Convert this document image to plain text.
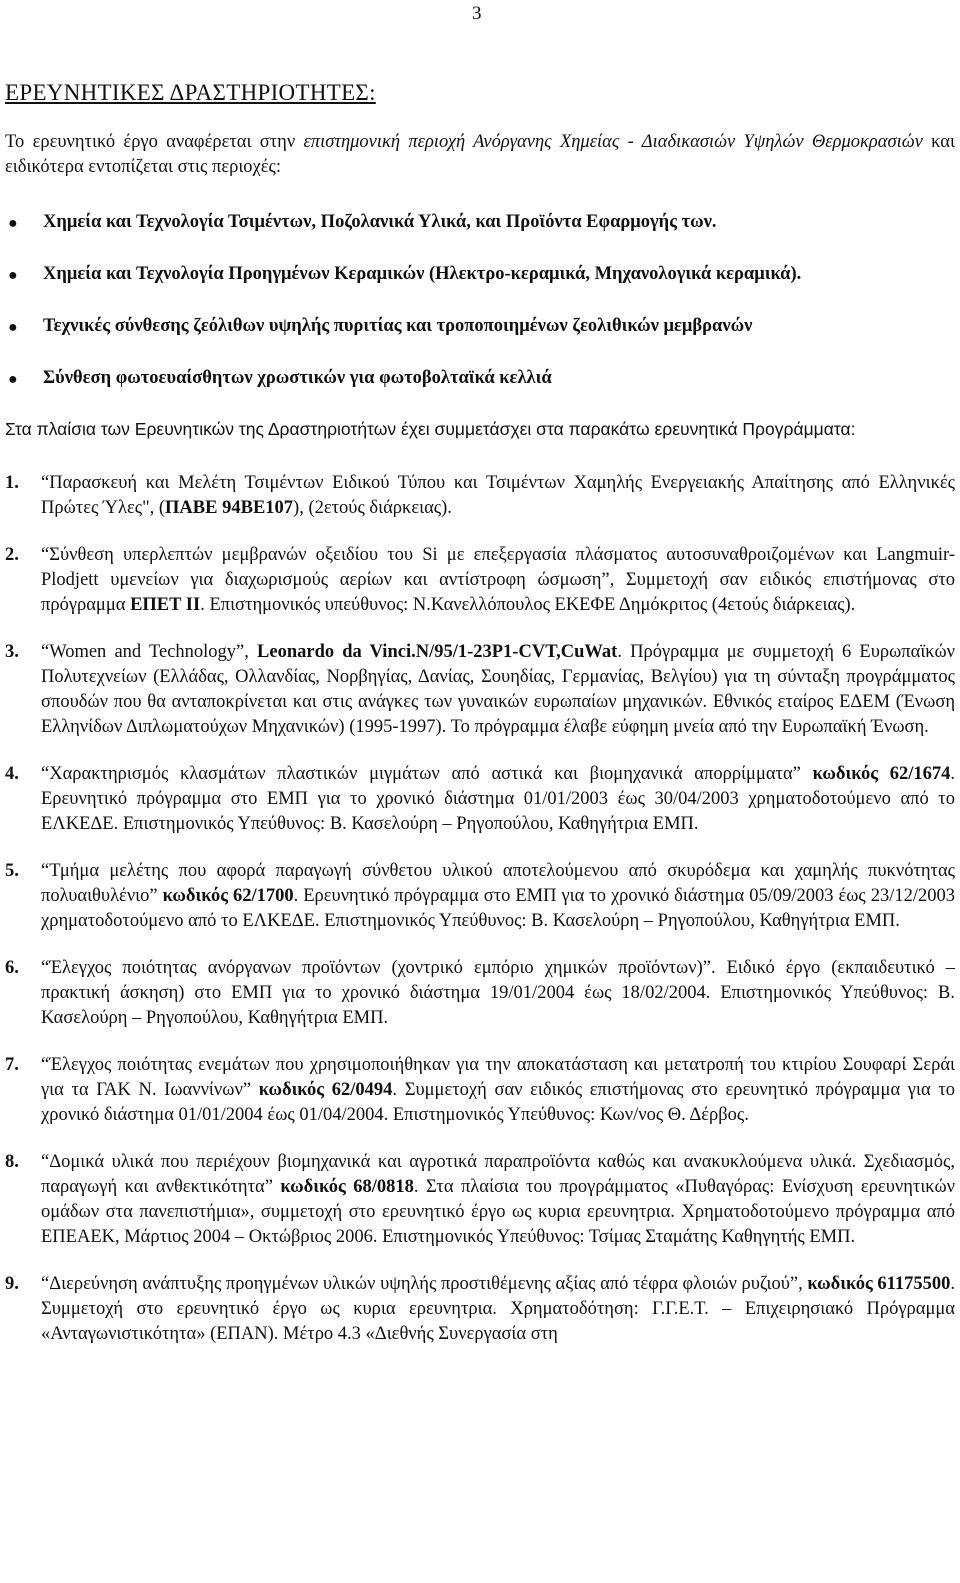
3
ΕΡΕΥΝΗΤΙΚΕΣ ΔΡΑΣΤΗΡΙΟΤΗΤΕΣ:
Το ερευνητικό έργο αναφέρεται στην επιστημονική περιοχή Ανόργανης Χημείας - Διαδικασιών Υψηλών Θερμοκρασιών και ειδικότερα εντοπίζεται στις περιοχές:
● Χημεία και Τεχνολογία Τσιμέντων, Ποζολανικά Υλικά, και Προϊόντα Εφαρμογής των.
● Χημεία και Τεχνολογία Προηγμένων Κεραμικών (Ηλεκτρο-κεραμικά, Μηχανολογικά κεραμικά).
● Τεχνικές σύνθεσης ζεόλιθων υψηλής πυριτίας και τροποποιημένων ζεολιθικών μεμβρανών
● Σύνθεση φωτοευαίσθητων χρωστικών για φωτοβολταϊκά κελλιά
Στα πλαίσια των Ερευνητικών της Δραστηριοτήτων έχει συμμετάσχει στα παρακάτω ερευνητικά Προγράμματα:
1. “Παρασκευή και Μελέτη Τσιμέντων Ειδικού Τύπου και Τσιμέντων Χαμηλής Ενεργειακής Απαίτησης από Ελληνικές Πρώτες Ύλες", (ΠΑΒΕ 94ΒΕ107), (2ετούς διάρκειας).
2. “Σύνθεση υπερλεπτών μεμβρανών οξειδίου του Si με επεξεργασία πλάσματος αυτοσυναθροιζομένων και Langmuir-Plodjett υμενείων για διαχωρισμούς αερίων και αντίστροφη ώσμωση”, Συμμετοχή σαν ειδικός επιστήμονας στο πρόγραμμα ΕΠΕΤ ΙΙ. Επιστημονικός υπεύθυνος: Ν.Κανελλόπουλος ΕΚΕΦΕ Δημόκριτος (4ετούς διάρκειας).
3. “Women and Technology”, Leonardo da Vinci.N/95/1-23P1-CVT,CuWat. Πρόγραμμα με συμμετοχή 6 Ευρωπαϊκών Πολυτεχνείων (Ελλάδας, Ολλανδίας, Νορβηγίας, Δανίας, Σουηδίας, Γερμανίας, Βελγίου) για τη σύνταξη προγράμματος σπουδών που θα ανταποκρίνεται και στις ανάγκες των γυναικών ευρωπαίων μηχανικών. Εθνικός εταίρος ΕΔΕΜ (Ένωση Ελληνίδων Διπλωματούχων Μηχανικών) (1995-1997). Το πρόγραμμα έλαβε εύφημη μνεία από την Ευρωπαϊκή Ένωση.
4. “Χαρακτηρισμός κλασμάτων πλαστικών μιγμάτων από αστικά και βιομηχανικά απορρίμματα” κωδικός 62/1674. Ερευνητικό πρόγραμμα στο ΕΜΠ για το χρονικό διάστημα 01/01/2003 έως 30/04/2003 χρηματοδοτούμενο από το ΕΛΚΕΔΕ. Επιστημονικός Υπεύθυνος: Β. Κασελούρη – Ρηγοπούλου, Καθηγήτρια ΕΜΠ.
5. “Τμήμα μελέτης που αφορά παραγωγή σύνθετου υλικού αποτελούμενου από σκυρόδεμα και χαμηλής πυκνότητας πολυαιθυλένιο” κωδικός 62/1700. Ερευνητικό πρόγραμμα στο ΕΜΠ για το χρονικό διάστημα 05/09/2003 έως 23/12/2003 χρηματοδοτούμενο από το ΕΛΚΕΔΕ. Επιστημονικός Υπεύθυνος: Β. Κασελούρη – Ρηγοπούλου, Καθηγήτρια ΕΜΠ.
6. “Έλεγχος ποιότητας ανόργανων προϊόντων (χοντρικό εμπόριο χημικών προϊόντων)”. Ειδικό έργο (εκπαιδευτικό – πρακτική άσκηση) στο ΕΜΠ για το χρονικό διάστημα 19/01/2004 έως 18/02/2004. Επιστημονικός Υπεύθυνος: Β. Κασελούρη – Ρηγοπούλου, Καθηγήτρια ΕΜΠ.
7. “Έλεγχος ποιότητας ενεμάτων που χρησιμοποιήθηκαν για την αποκατάσταση και μετατροπή του κτιρίου Σουφαρί Σεράι για τα ΓΑΚ Ν. Ιωαννίνων” κωδικός 62/0494. Συμμετοχή σαν ειδικός επιστήμονας στο ερευνητικό πρόγραμμα για το χρονικό διάστημα 01/01/2004 έως 01/04/2004. Επιστημονικός Υπεύθυνος: Κων/νος Θ. Δέρβος.
8. “Δομικά υλικά που περιέχουν βιομηχανικά και αγροτικά παραπροϊόντα καθώς και ανακυκλούμενα υλικά. Σχεδιασμός, παραγωγή και ανθεκτικότητα” κωδικός 68/0818. Στα πλαίσια του προγράμματος «Πυθαγόρας: Ενίσχυση ερευνητικών ομάδων στα πανεπιστήμια», συμμετοχή στο ερευνητικό έργο ως κυρια ερευνητρια. Χρηματοδοτούμενο πρόγραμμα από ΕΠΕΑΕΚ, Μάρτιος 2004 – Οκτώβριος 2006. Επιστημονικός Υπεύθυνος: Τσίμας Σταμάτης Καθηγητής ΕΜΠ.
9. “Διερεύνηση ανάπτυξης προηγμένων υλικών υψηλής προστιθέμενης αξίας από τέφρα φλοιών ρυζιού”, κωδικός 61175500. Συμμετοχή στο ερευνητικό έργο ως κυρια ερευνητρια. Χρηματοδότηση: Γ.Γ.Ε.Τ. – Επιχειρησιακό Πρόγραμμα «Ανταγωνιστικότητα» (ΕΠΑΝ). Μέτρο 4.3 «Διεθνής Συνεργασία στη
